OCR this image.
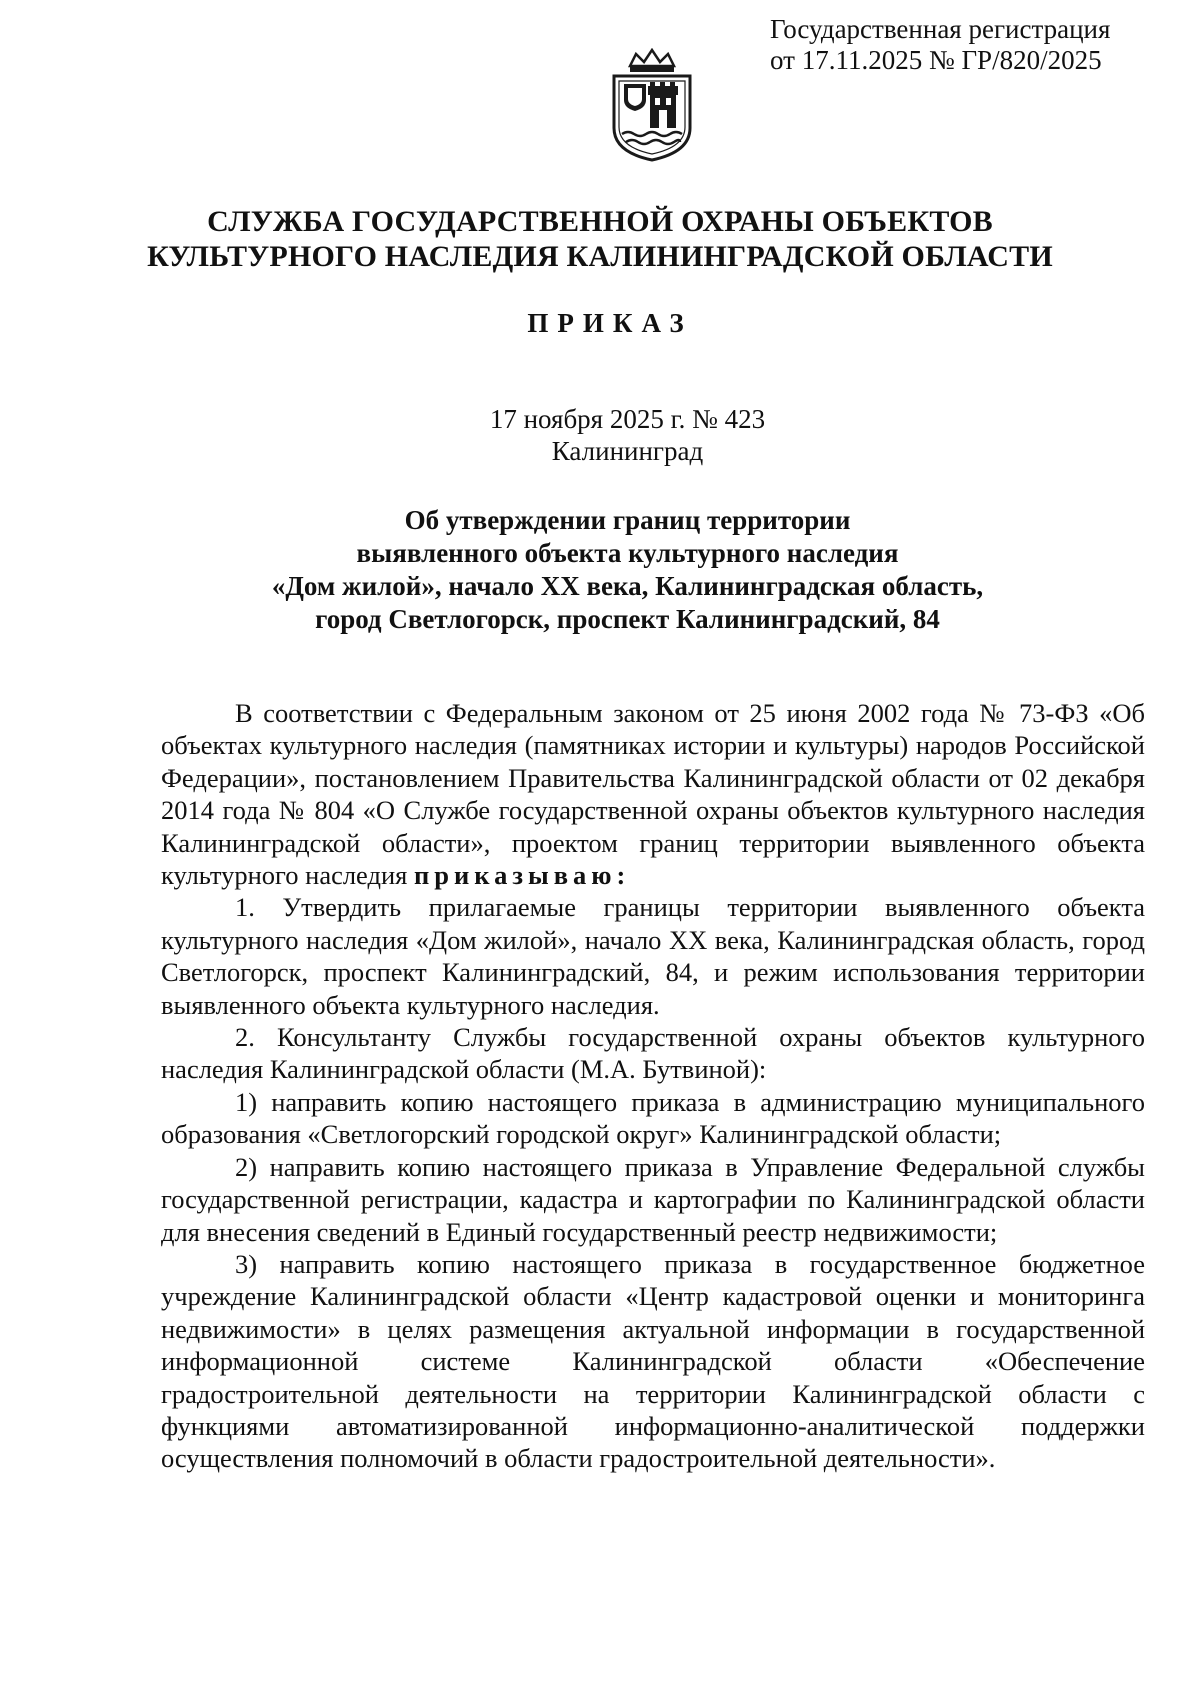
Государственная регистрация
от 17.11.2025 № ГР/820/2025
СЛУЖБА ГОСУДАРСТВЕННОЙ ОХРАНЫ ОБЪЕКТОВ
КУЛЬТУРНОГО НАСЛЕДИЯ КАЛИНИНГРАДСКОЙ ОБЛАСТИ
ПРИКАЗ
17 ноября 2025 г. № 423
Калининград
Об утверждении границ территории
выявленного объекта культурного наследия
«Дом жилой», начало XX века, Калининградская область,
город Светлогорск, проспект Калининградский, 84

В соответствии с Федеральным законом от 25 июня 2002 года № 73-ФЗ «Об объектах культурного наследия (памятниках истории и культуры) народов Российской Федерации», постановлением Правительства Калининградской области от 02 декабря 2014 года № 804 «О Службе государственной охраны объектов культурного наследия Калининградской области», проектом границ территории выявленного объекта культурного наследия приказываю:

1. Утвердить прилагаемые границы территории выявленного объекта культурного наследия «Дом жилой», начало XX века, Калининградская область, город Светлогорск, проспект Калининградский, 84, и режим использования территории выявленного объекта культурного наследия.

2. Консультанту Службы государственной охраны объектов культурного наследия Калининградской области (М.А. Бутвиной):

1) направить копию настоящего приказа в администрацию муниципального образования «Светлогорский городской округ» Калининградской области;

2) направить копию настоящего приказа в Управление Федеральной службы государственной регистрации, кадастра и картографии по Калининградской области для внесения сведений в Единый государственный реестр недвижимости;

3) направить копию настоящего приказа в государственное бюджетное учреждение Калининградской области «Центр кадастровой оценки и мониторинга недвижимости» в целях размещения актуальной информации в государственной информационной системе Калининградской области «Обеспечение градостроительной деятельности на территории Калининградской области с функциями автоматизированной информационно-аналитической поддержки осуществления полномочий в области градостроительной деятельности».
